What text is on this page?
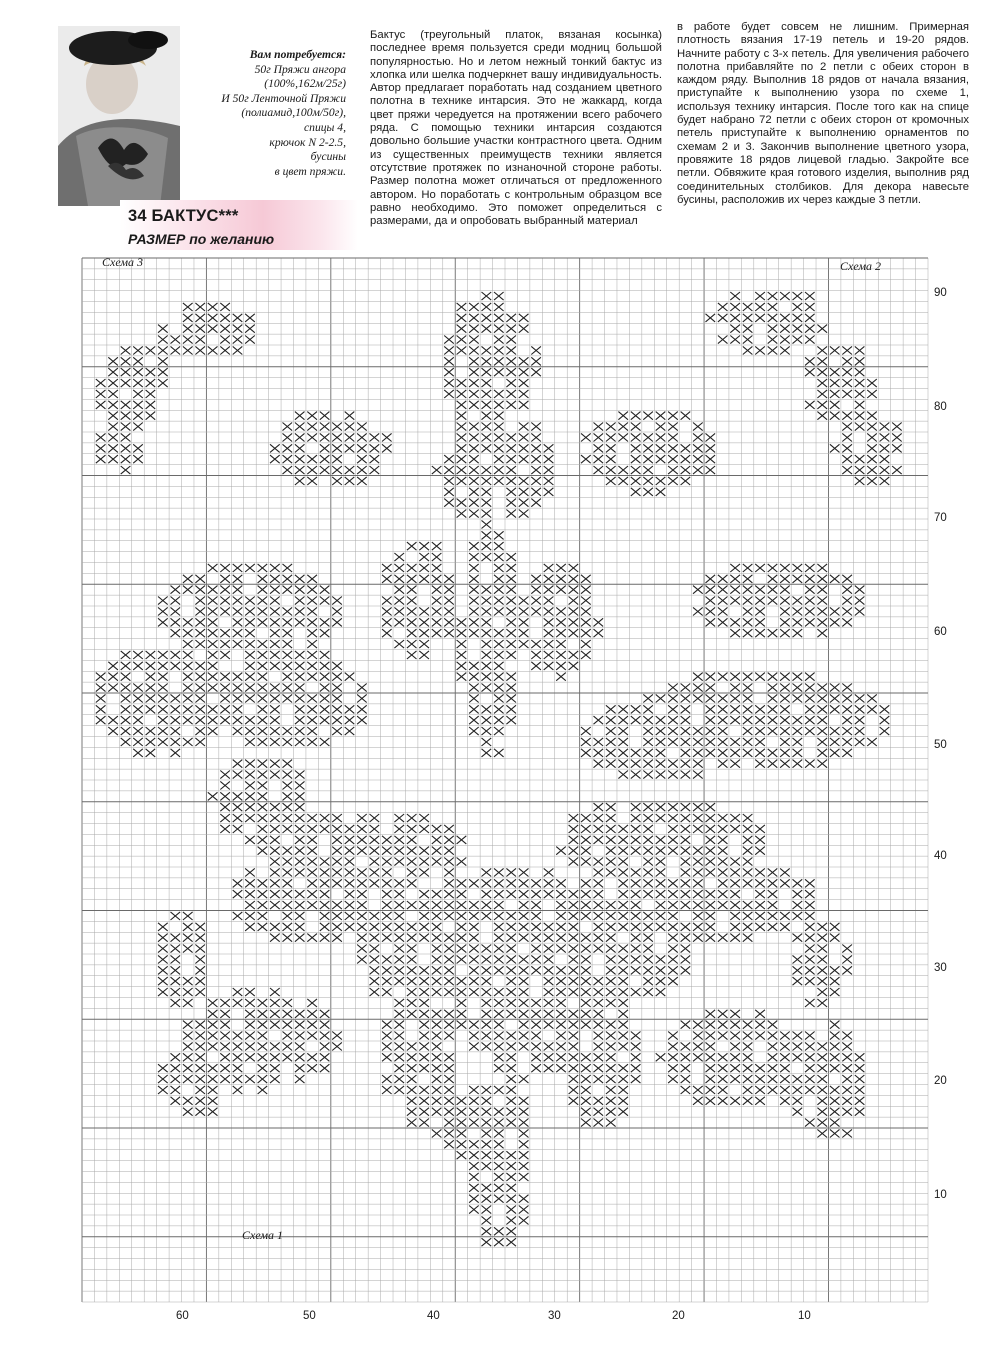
Вам потребуется:
50г Пряжи ангора
(100%,162м/25г)
И 50г Ленточной Пряжи
(полиамид,100м/50г),
спицы 4,
крючок N 2-2.5,
бусины
в цвет пряжи.
34 БАКТУС***
РАЗМЕР по желанию
Бактус (треугольный платок, вязаная косынка) последнее время пользуется среди модниц большой популярностью. Но и летом нежный тонкий бактус из хлопка или шелка подчеркнет вашу индивидуальность. Автор предлагает поработать над созданием цветного полотна в технике интарсия. Это не жаккард, когда цвет пряжи чередуется на протяжении всего рабочего ряда. С помощью техники интарсия создаются довольно большие участки контрастного цвета. Одним из существенных преимуществ техники является отсутствие протяжек по изнаночной стороне работы. Размер полотна может отличаться от предложенного автором. Но поработать с контрольным образцом все равно необходимо. Это поможет определиться с размерами, да и опробовать выбранный материал
в работе будет совсем не лишним. Примерная плотность вязания 17-19 петель и 19-20 рядов. Начните работу с 3-х петель. Для увеличения рабочего полотна прибавляйте по 2 петли с обеих сторон в каждом ряду. Выполнив 18 рядов от начала вязания, приступайте к выполнению узора по схеме 1, используя технику интарсия. После того как на спице будет набрано 72 петли с обеих сторон от кромочных петель приступайте к выполнению орнаментов по схемам 2 и 3. Закончив выполнение цветного узора, провяжите 18 рядов лицевой гладью. Закройте все петли. Обвяжите края готового изделия, выполнив ряд соединительных столбиков. Для декора навесьте бусины, расположив их через каждые 3 петли.
Схема 3	Схема 2
Схема 1
90
80
70
60
50
40
30
20
10
60	50	40	30	20	10
